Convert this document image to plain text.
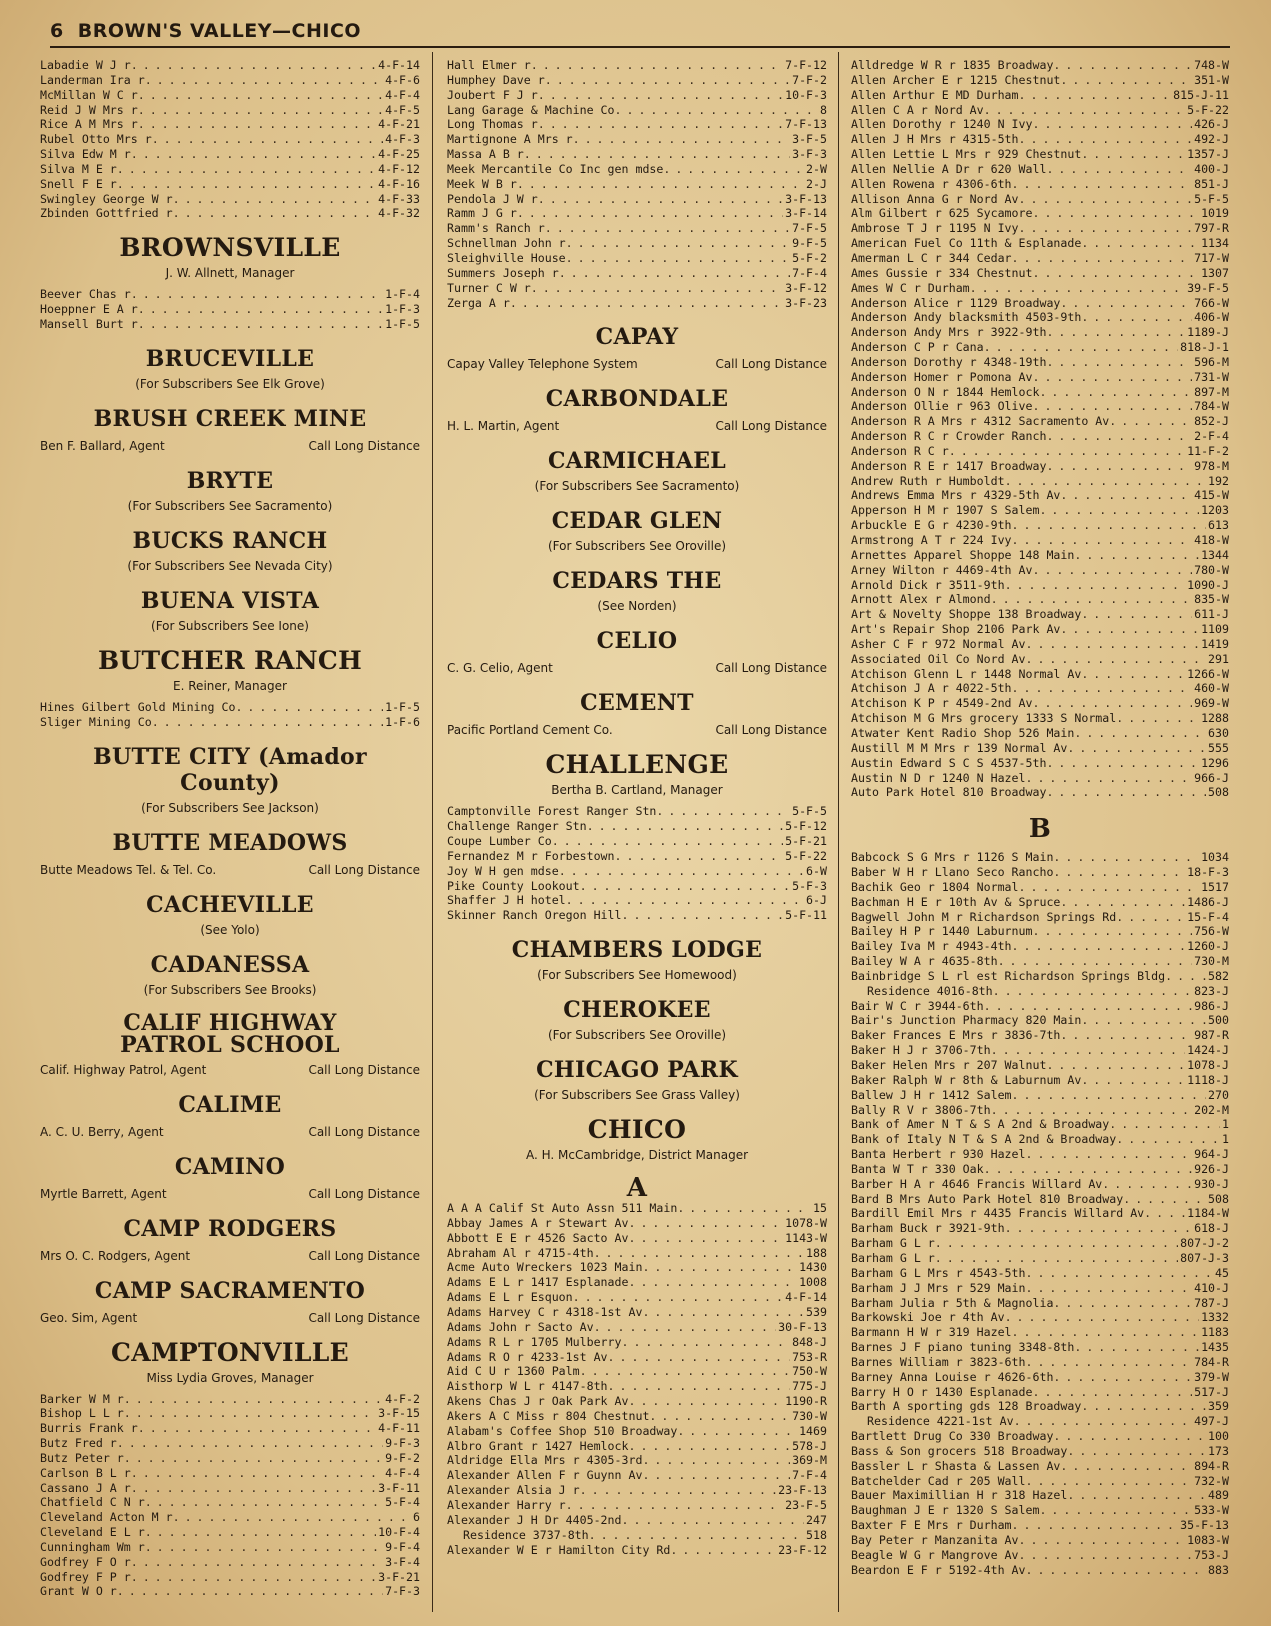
6 BROWN'S VALLEY—CHICO
Labadie W J r . . .	4-F-14
Landerman Ira r . . .	4-F-6
McMillan W C r . . .	4-F-4
Reid J W Mrs r . . .	4-F-5
Rice A M Mrs r . . .	4-F-21
Rubel Otto Mrs r . . .	4-F-3
Silva Edw M r . . .	4-F-25
Silva M E r . . .	4-F-12
Snell F E r . . .	4-F-16
Swingley George W r . . .	4-F-33
Zbinden Gottfried r . . .	4-F-32
BROWNSVILLE
J. W. Allnett, Manager
Beever Chas r . . .	1-F-4
Hoeppner E A r . . .	1-F-3
Mansell Burt r . . .	1-F-5
BRUCEVILLE
(For Subscribers See Elk Grove)
BRUSH CREEK MINE
Ben F. Ballard, Agent	Call Long Distance
BRYTE
(For Subscribers See Sacramento)
BUCKS RANCH
(For Subscribers See Nevada City)
BUENA VISTA
(For Subscribers See Ione)
BUTCHER RANCH
E. Reiner, Manager
Hines Gilbert Gold Mining Co . . .	1-F-5
Sliger Mining Co . . .	1-F-6
BUTTE CITY (Amador County)
(For Subscribers See Jackson)
BUTTE MEADOWS
Butte Meadows Tel. & Tel. Co.	Call Long Distance
CACHEVILLE
(See Yolo)
CADANESSA
(For Subscribers See Brooks)
CALIF HIGHWAY PATROL SCHOOL
Calif. Highway Patrol, Agent	Call Long Distance
CALIME
A. C. U. Berry, Agent	Call Long Distance
CAMINO
Myrtle Barrett, Agent	Call Long Distance
CAMP RODGERS
Mrs O. C. Rodgers, Agent	Call Long Distance
CAMP SACRAMENTO
Geo. Sim, Agent	Call Long Distance
CAMPTONVILLE
Miss Lydia Groves, Manager
Barker W M r . . .	4-F-2
Bishop L L r . . .	3-F-15
Burris Frank r . . .	4-F-11
Butz Fred r . . .	9-F-3
Butz Peter r . . .	9-F-2
Carlson B L r . . .	4-F-4
Cassano J A r . . .	3-F-11
Chatfield C N r . . .	5-F-4
Cleveland Acton M r . . .	6
Cleveland E L r . . .	10-F-4
Cunningham Wm r . . .	9-F-4
Godfrey F O r . . .	3-F-4
Godfrey F P r . . .	3-F-21
Grant W O r . . .	7-F-3
Hall Elmer r . . .	7-F-12
Humphey Dave r . . .	7-F-2
Joubert F J r . . .	10-F-3
Lang Garage & Machine Co . . .	8
Long Thomas r . . .	7-F-13
Martignone A Mrs r . . .	3-F-5
Massa A B r . . .	3-F-3
Meek Mercantile Co Inc gen mdse . . .	2-W
Meek W B r . . .	2-J
Pendola J W r . . .	3-F-13
Ramm J G r . . .	3-F-14
Ramm's Ranch r . . .	7-F-5
Schnellman John r . . .	9-F-5
Sleighville House . . .	5-F-2
Summers Joseph r . . .	7-F-4
Turner C W r . . .	3-F-12
Zerga A r . . .	3-F-23
CAPAY
Capay Valley Telephone System	Call Long Distance
CARBONDALE
H. L. Martin, Agent	Call Long Distance
CARMICHAEL
(For Subscribers See Sacramento)
CEDAR GLEN
(For Subscribers See Oroville)
CEDARS THE
(See Norden)
CELIO
C. G. Celio, Agent	Call Long Distance
CEMENT
Pacific Portland Cement Co.	Call Long Distance
CHALLENGE
Bertha B. Cartland, Manager
Camptonville Forest Ranger Stn . . .	5-F-5
Challenge Ranger Stn . . .	5-F-12
Coupe Lumber Co . . .	5-F-21
Fernandez M r Forbestown . . .	5-F-22
Joy W H gen mdse . . .	6-W
Pike County Lookout . . .	5-F-3
Shaffer J H hotel . . .	6-J
Skinner Ranch Oregon Hill . . .	5-F-11
CHAMBERS LODGE
(For Subscribers See Homewood)
CHEROKEE
(For Subscribers See Oroville)
CHICAGO PARK
(For Subscribers See Grass Valley)
CHICO
A. H. McCambridge, District Manager
A
A A A Calif St Auto Assn 511 Main . . .	15
Abbay James A r Stewart Av . . .	1078-W
Abbott E E r 4526 Sacto Av . . .	1143-W
Abraham Al r 4715-4th . . .	188
Acme Auto Wreckers 1023 Main . . .	1430
Adams E L r 1417 Esplanade . . .	1008
Adams E L r Esquon . . .	4-F-14
Adams Harvey C r 4318-1st Av . . .	539
Adams John r Sacto Av . . .	30-F-13
Adams R L r 1705 Mulberry . . .	848-J
Adams R O r 4233-1st Av . . .	753-R
Aid C U r 1360 Palm . . .	750-W
Aisthorp W L r 4147-8th . . .	775-J
Akens Chas J r Oak Park Av . . .	1190-R
Akers A C Miss r 804 Chestnut . . .	730-W
Alabam's Coffee Shop 510 Broadway . . .	1469
Albro Grant r 1427 Hemlock . . .	578-J
Aldridge Ella Mrs r 4305-3rd . . .	369-M
Alexander Allen F r Guynn Av . . .	7-F-4
Alexander Alsia J r . . .	23-F-13
Alexander Harry r . . .	23-F-5
Alexander J H Dr 4405-2nd . . .	247
Residence 3737-8th . . .	518
Alexander W E r Hamilton City Rd . . .	23-F-12
Alldredge W R r 1835 Broadway . . .	748-W
Allen Archer E r 1215 Chestnut . . .	351-W
Allen Arthur E MD Durham . . .	815-J-11
Allen C A r Nord Av . . .	5-F-22
Allen Dorothy r 1240 N Ivy . . .	426-J
Allen J H Mrs r 4315-5th . . .	492-J
Allen Lettie L Mrs r 929 Chestnut . . .	1357-J
Allen Nellie A Dr r 620 Wall . . .	400-J
Allen Rowena r 4306-6th . . .	851-J
Allison Anna G r Nord Av . . .	5-F-5
Alm Gilbert r 625 Sycamore . . .	1019
Ambrose T J r 1195 N Ivy . . .	797-R
American Fuel Co 11th & Esplanade . . .	1134
Amerman L C r 344 Cedar . . .	717-W
Ames Gussie r 334 Chestnut . . .	1307
Ames W C r Durham . . .	39-F-5
Anderson Alice r 1129 Broadway . . .	766-W
Anderson Andy blacksmith 4503-9th . . .	406-W
Anderson Andy Mrs r 3922-9th . . .	1189-J
Anderson C P r Cana . . .	818-J-1
Anderson Dorothy r 4348-19th . . .	596-M
Anderson Homer r Pomona Av . . .	731-W
Anderson O N r 1844 Hemlock . . .	897-M
Anderson Ollie r 963 Olive . . .	784-W
Anderson R A Mrs r 4312 Sacramento Av . . .	852-J
Anderson R C r Crowder Ranch . . .	2-F-4
Anderson R C r . . .	11-F-2
Anderson R E r 1417 Broadway . . .	978-M
Andrew Ruth r Humboldt . . .	192
Andrews Emma Mrs r 4329-5th Av . . .	415-W
Apperson H M r 1907 S Salem . . .	1203
Arbuckle E G r 4230-9th . . .	613
Armstrong A T r 224 Ivy . . .	418-W
Arnettes Apparel Shoppe 148 Main . . .	1344
Arney Wilton r 4469-4th Av . . .	780-W
Arnold Dick r 3511-9th . . .	1090-J
Arnott Alex r Almond . . .	835-W
Art & Novelty Shoppe 138 Broadway . . .	611-J
Art's Repair Shop 2106 Park Av . . .	1109
Asher C F r 972 Normal Av . . .	1419
Associated Oil Co Nord Av . . .	291
Atchison Glenn L r 1448 Normal Av . . .	1266-W
Atchison J A r 4022-5th . . .	460-W
Atchison K P r 4549-2nd Av . . .	969-W
Atchison M G Mrs grocery 1333 S Normal . . .	1288
Atwater Kent Radio Shop 526 Main . . .	630
Austill M M Mrs r 139 Normal Av . . .	555
Austin Edward S C S 4537-5th . . .	1296
Austin N D r 1240 N Hazel . . .	966-J
Auto Park Hotel 810 Broadway . . .	508
B
Babcock S G Mrs r 1126 S Main . . .	1034
Baber W H r Llano Seco Rancho . . .	18-F-3
Bachik Geo r 1804 Normal . . .	1517
Bachman H E r 10th Av & Spruce . . .	1486-J
Bagwell John M r Richardson Springs Rd . . .	15-F-4
Bailey H P r 1440 Laburnum . . .	756-W
Bailey Iva M r 4943-4th . . .	1260-J
Bailey W A r 4635-8th . . .	730-M
Bainbridge S L rl est Richardson Springs Bldg . . .	582
Residence 4016-8th . . .	823-J
Bair W C r 3944-6th . . .	986-J
Bair's Junction Pharmacy 820 Main . . .	500
Baker Frances E Mrs r 3836-7th . . .	987-R
Baker H J r 3706-7th . . .	1424-J
Baker Helen Mrs r 207 Walnut . . .	1078-J
Baker Ralph W r 8th & Laburnum Av . . .	1118-J
Ballew J H r 1412 Salem . . .	270
Bally R V r 3806-7th . . .	202-M
Bank of Amer N T & S A 2nd & Broadway . . .	1
Bank of Italy N T & S A 2nd & Broadway . . .	1
Banta Herbert r 930 Hazel . . .	964-J
Banta W T r 330 Oak . . .	926-J
Barber H A r 4646 Francis Willard Av . . .	930-J
Bard B Mrs Auto Park Hotel 810 Broadway . . .	508
Bardill Emil Mrs r 4435 Francis Willard Av . . .	1184-W
Barham Buck r 3921-9th . . .	618-J
Barham G L r . . .	807-J-2
Barham G L r . . .	807-J-3
Barham G L Mrs r 4543-5th . . .	45
Barham J J Mrs r 529 Main . . .	410-J
Barham Julia r 5th & Magnolia . . .	787-J
Barkowski Joe r 4th Av . . .	1332
Barmann H W r 319 Hazel . . .	1183
Barnes J F piano tuning 3348-8th . . .	1435
Barnes William r 3823-6th . . .	784-R
Barney Anna Louise r 4626-6th . . .	379-W
Barry H O r 1430 Esplanade . . .	517-J
Barth A sporting gds 128 Broadway . . .	359
Residence 4221-1st Av . . .	497-J
Bartlett Drug Co 330 Broadway . . .	100
Bass & Son grocers 518 Broadway . . .	173
Bassler L r Shasta & Lassen Av . . .	894-R
Batchelder Cad r 205 Wall . . .	732-W
Bauer Maximillian H r 318 Hazel . . .	489
Baughman J E r 1320 S Salem . . .	533-W
Baxter F E Mrs r Durham . . .	35-F-13
Bay Peter r Manzanita Av . . .	1083-W
Beagle W G r Mangrove Av . . .	753-J
Beardon E F r 5192-4th Av . . .	883
